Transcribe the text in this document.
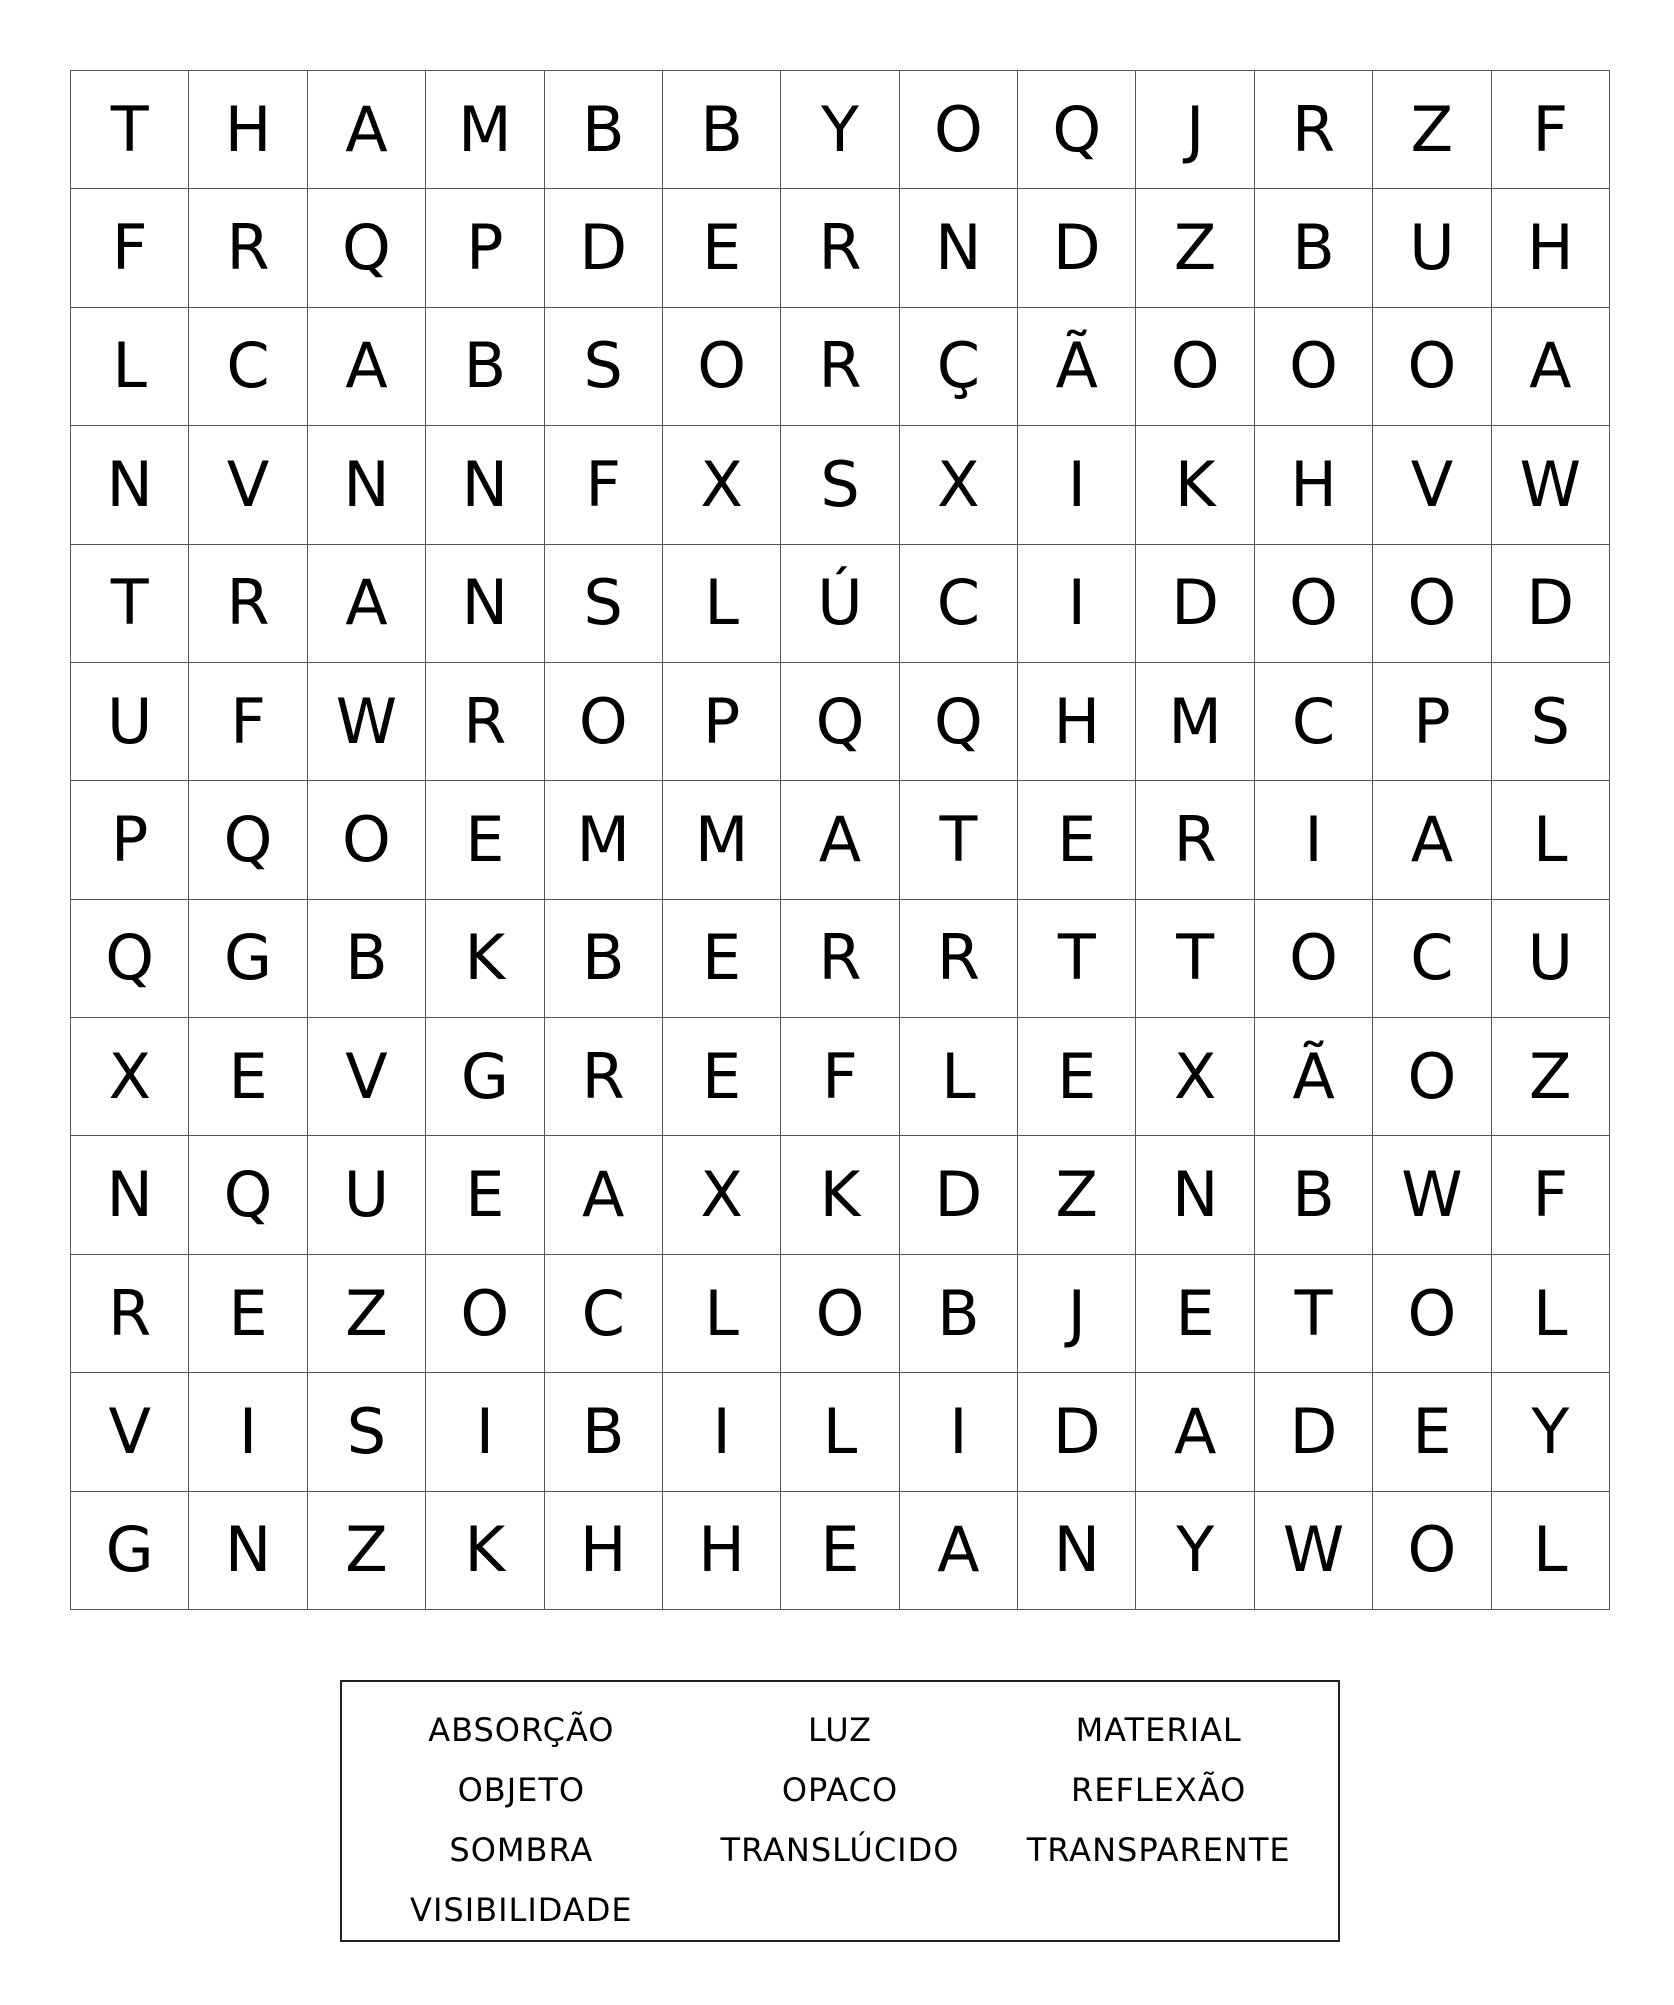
T	H	A	M	B	B	Y	O	Q	J	R	Z	F
F	R	Q	P	D	E	R	N	D	Z	B	U	H
L	C	A	B	S	O	R	Ç	Ã	O	O	O	A
N	V	N	N	F	X	S	X	I	K	H	V	W
T	R	A	N	S	L	Ú	C	I	D	O	O	D
U	F	W	R	O	P	Q	Q	H	M	C	P	S
P	Q	O	E	M	M	A	T	E	R	I	A	L
Q	G	B	K	B	E	R	R	T	T	O	C	U
X	E	V	G	R	E	F	L	E	X	Ã	O	Z
N	Q	U	E	A	X	K	D	Z	N	B	W	F
R	E	Z	O	C	L	O	B	J	E	T	O	L
V	I	S	I	B	I	L	I	D	A	D	E	Y
G	N	Z	K	H	H	E	A	N	Y	W	O	L
ABSORÇÃO	LUZ	MATERIAL
OBJETO	OPACO	REFLEXÃO
SOMBRA	TRANSLÚCIDO	TRANSPARENTE
VISIBILIDADE
